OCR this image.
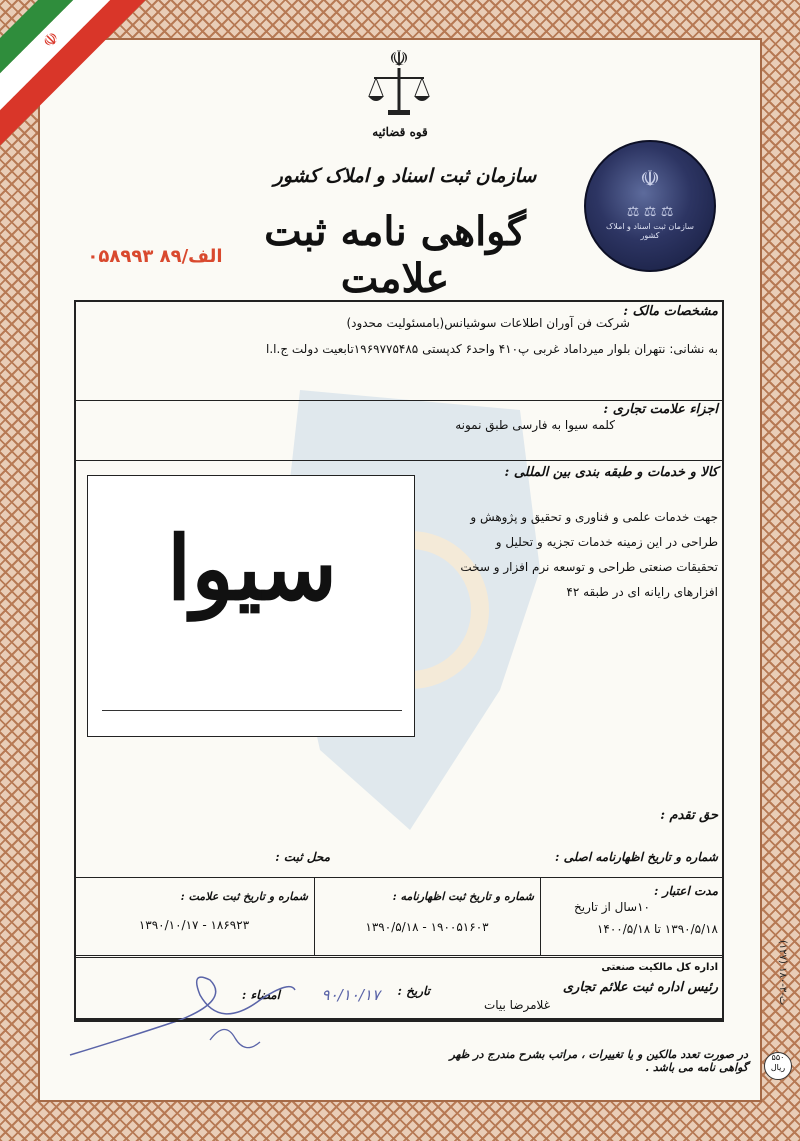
☫
☫
قوه قضائیه
سازمان ثبت اسناد و املاک کشور
گواهی نامه ثبت علامت
الف/۸۹ ۰۵۸۹۹۳
☫
⚖ ⚖ ⚖
سازمان ثبت اسناد و املاک کشور
مشخصات مالک :
شرکت فن آوران اطلاعات سوشیانس(بامسئولیت محدود)
به نشانی: نتهران بلوار میرداماد غربی پ۴۱۰ واحد۶ کدپستی ۱۹۶۹۷۷۵۴۸۵تابعیت دولت ج.ا.ا
اجزاء علامت تجاری :
کلمه سیوا به فارسی طبق نمونه
کالا و خدمات و طبقه بندی بین المللی :
جهت خدمات علمی و فناوری و تحقیق و پژوهش و
طراحی در این زمینه خدمات تجزیه و تحلیل و
تحقیقات صنعتی طراحی و توسعه نرم افزار و سخت
افزارهای رایانه ای در طبقه ۴۲
سیوا
حق تقدم :
شماره و تاریخ اظهارنامه اصلی :
محل ثبت :
مدت اعتبار :
۱۰سال از تاریخ
۱۳۹۰/۵/۱۸ تا ۱۴۰۰/۵/۱۸
شماره و تاریخ ثبت اظهارنامه :
۱۹۰۰۵۱۶۰۳ - ۱۳۹۰/۵/۱۸
شماره و تاریخ ثبت علامت :
۱۸۶۹۲۳ - ۱۳۹۰/۱۰/۱۷
اداره کل مالکیت صنعتی
رئیس اداره ثبت علائم تجاری
غلامرضا بیات
تاریخ :
۹۰/۱۰/۱۷
امضاء :
در صورت تعدد مالکین و یا تغییرات ، مراتب بشرح مندرج در ظهر گواهی نامه می باشد .
۵۵۰ ریال
(۱۲۷) ث-۳-۱۸۰
